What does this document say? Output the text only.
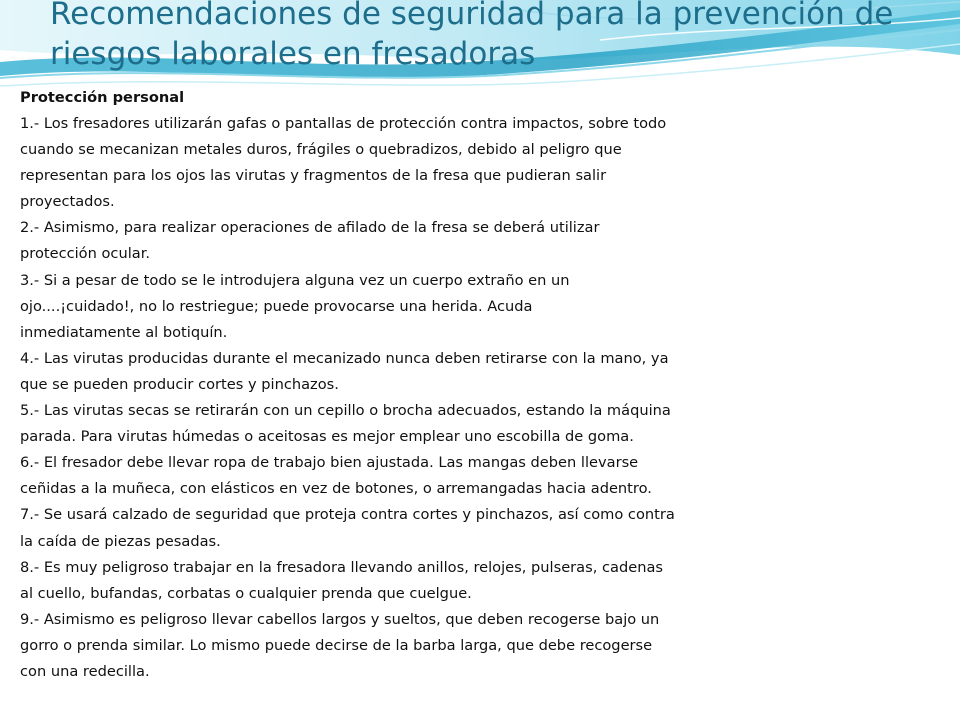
Recomendaciones de seguridad para la prevención de
riesgos laborales en fresadoras

Protección personal

1.- Los fresadores utilizarán gafas o pantallas de protección contra impactos, sobre todo

cuando se mecanizan metales duros, frágiles o quebradizos, debido al peligro que

representan para los ojos las virutas y fragmentos de la fresa que pudieran salir

proyectados.

2.- Asimismo, para realizar operaciones de afilado de la fresa se deberá utilizar

protección ocular.

3.- Si a pesar de todo se le introdujera alguna vez un cuerpo extraño en un

ojo....¡cuidado!, no lo restriegue; puede provocarse una herida. Acuda

inmediatamente al botiquín.

4.- Las virutas producidas durante el mecanizado nunca deben retirarse con la mano, ya

que se pueden producir cortes y pinchazos.

5.- Las virutas secas se retirarán con un cepillo o brocha adecuados, estando la máquina

parada. Para virutas húmedas o aceitosas es mejor emplear uno escobilla de goma.

6.- El fresador debe llevar ropa de trabajo bien ajustada. Las mangas deben llevarse

ceñidas a la muñeca, con elásticos en vez de botones, o arremangadas hacia adentro.

7.- Se usará calzado de seguridad que proteja contra cortes y pinchazos, así como contra

la caída de piezas pesadas.

8.- Es muy peligroso trabajar en la fresadora llevando anillos, relojes, pulseras, cadenas

al cuello, bufandas, corbatas o cualquier prenda que cuelgue.

9.- Asimismo es peligroso llevar cabellos largos y sueltos, que deben recogerse bajo un

gorro o prenda similar. Lo mismo puede decirse de la barba larga, que debe recogerse

con una redecilla.
